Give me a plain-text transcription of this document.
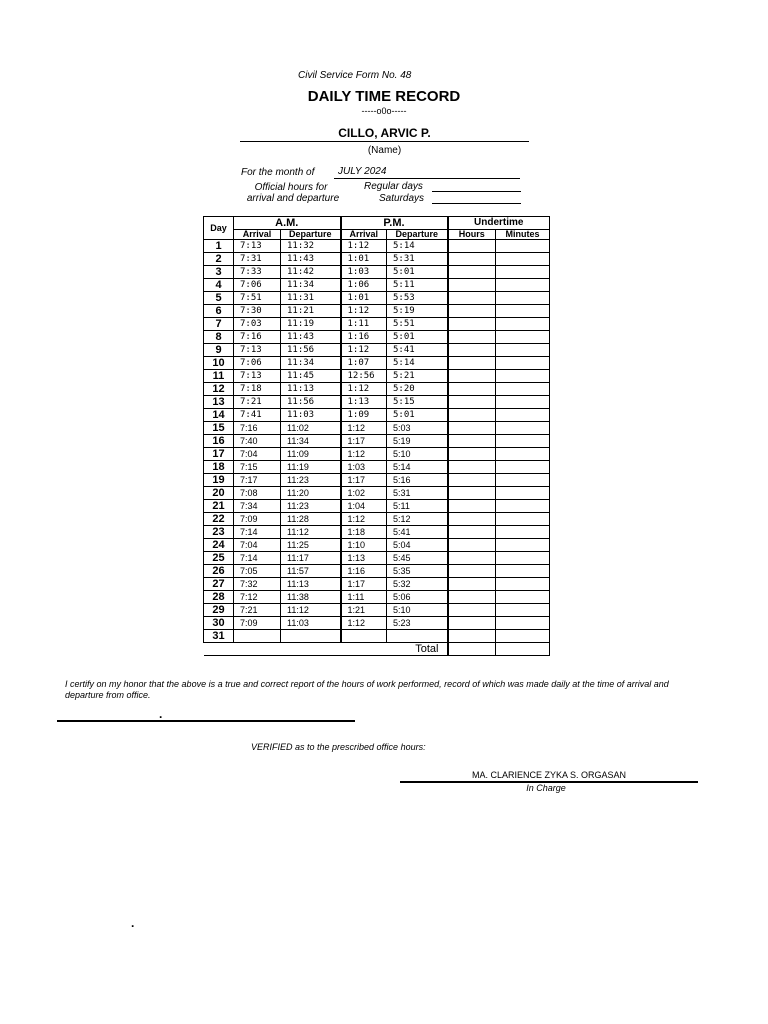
Civil Service Form No. 48
DAILY TIME RECORD
-----o0o-----
CILLO, ARVIC P.
(Name)
For the month of	JULY 2024
Official hours for
arrival and departure
Regular days
Saturdays
Day	A.M.		P.M.		Undertime	
	Arrival	Departure	Arrival	Departure	Hours	Minutes
1	7:13	11:32	1:12	5:14		
2	7:31	11:43	1:01	5:31		
3	7:33	11:42	1:03	5:01		
4	7:06	11:34	1:06	5:11		
5	7:51	11:31	1:01	5:53		
6	7:30	11:21	1:12	5:19		
7	7:03	11:19	1:11	5:51		
8	7:16	11:43	1:16	5:01		
9	7:13	11:56	1:12	5:41		
10	7:06	11:34	1:07	5:14		
11	7:13	11:45	12:56	5:21		
12	7:18	11:13	1:12	5:20		
13	7:21	11:56	1:13	5:15		
14	7:41	11:03	1:09	5:01		
15	7:16	11:02	1:12	5:03		
16	7:40	11:34	1:17	5:19		
17	7:04	11:09	1:12	5:10		
18	7:15	11:19	1:03	5:14		
19	7:17	11:23	1:17	5:16		
20	7:08	11:20	1:02	5:31		
21	7:34	11:23	1:04	5:11		
22	7:09	11:28	1:12	5:12		
23	7:14	11:12	1:18	5:41		
24	7:04	11:25	1:10	5:04		
25	7:14	11:17	1:13	5:45		
26	7:05	11:57	1:16	5:35		
27	7:32	11:13	1:17	5:32		
28	7:12	11:38	1:11	5:06		
29	7:21	11:12	1:21	5:10		
30	7:09	11:03	1:12	5:23		
31						
Total						
I certify on my honor that the above is a true and correct report of the hours of work performed, record of which was made daily at the time of arrival and departure from office.
.
VERIFIED as to the prescribed office hours:
MA. CLARIENCE ZYKA S. ORGASAN
In Charge
.
